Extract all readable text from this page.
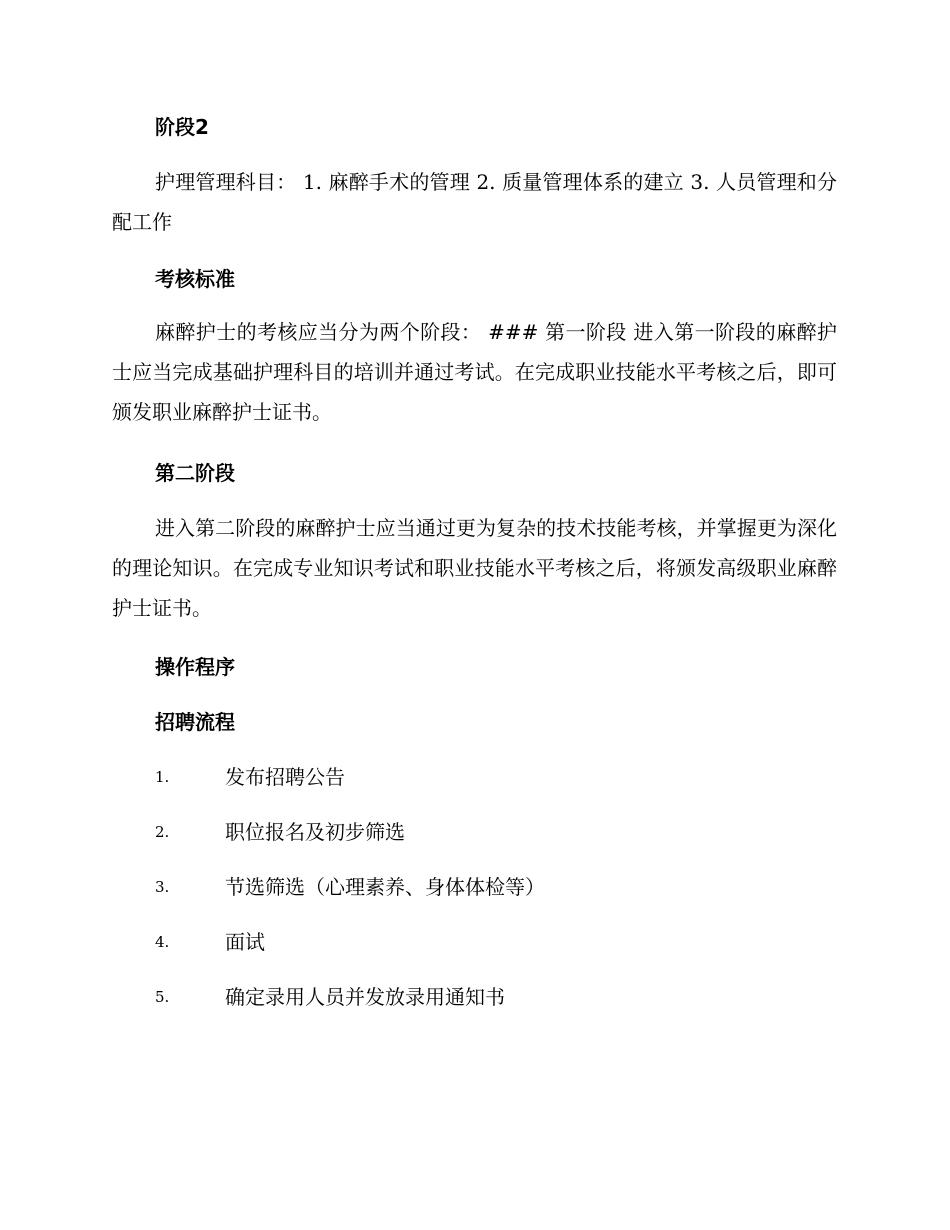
阶段2
护理管理科目： 1. 麻醉手术的管理 2. 质量管理体系的建立 3. 人员管理和分配工作
考核标准
麻醉护士的考核应当分为两个阶段： ### 第一阶段 进入第一阶段的麻醉护士应当完成基础护理科目的培训并通过考试。在完成职业技能水平考核之后，即可颁发职业麻醉护士证书。
第二阶段
进入第二阶段的麻醉护士应当通过更为复杂的技术技能考核，并掌握更为深化的理论知识。在完成专业知识考试和职业技能水平考核之后，将颁发高级职业麻醉护士证书。
操作程序
招聘流程
1.	发布招聘公告
2.	职位报名及初步筛选
3.	节选筛选（心理素养、身体体检等）
4.	面试
5.	确定录用人员并发放录用通知书
